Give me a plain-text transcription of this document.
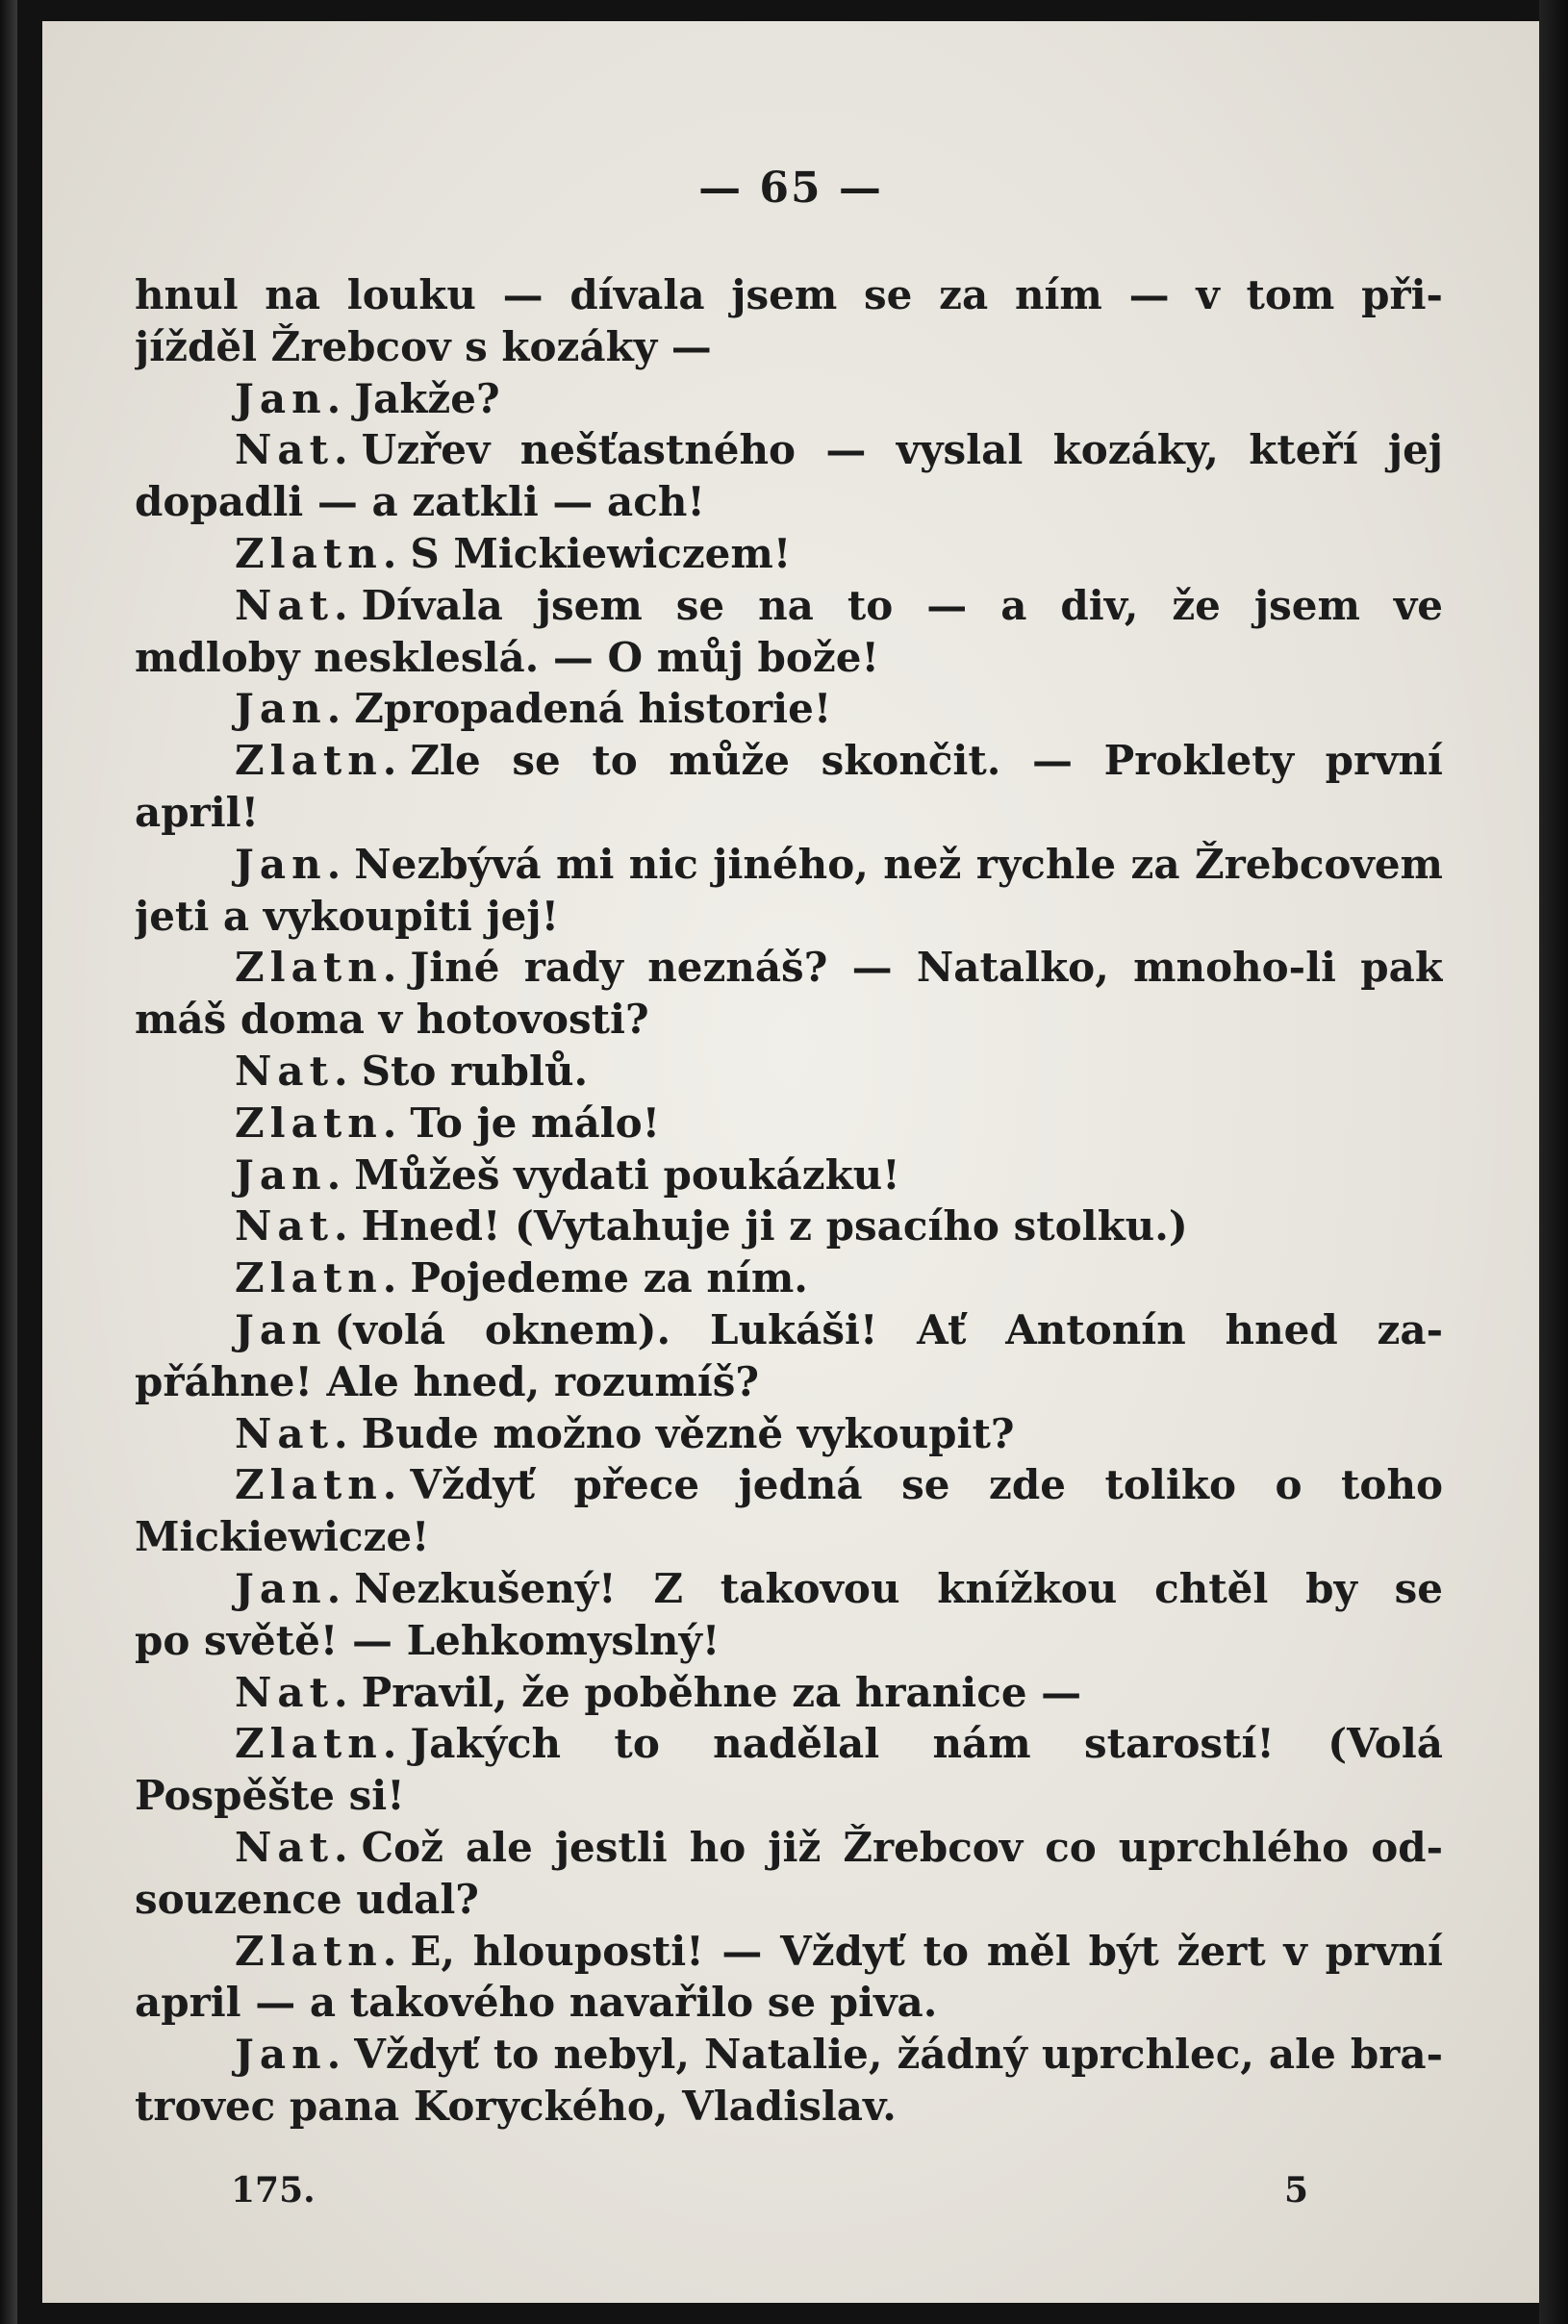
— 65 —
hnul na louku — dívala jsem se za ním — v tom při-
jížděl Žrebcov s kozáky —
Jan. Jakže?
Nat. Uzřev nešťastného — vyslal kozáky, kteří jej
dopadli — a zatkli — ach!
Zlatn. S Mickiewiczem!
Nat. Dívala jsem se na to — a div, že jsem ve
mdloby neskleslá. — O můj bože!
Jan. Zpropadená historie!
Zlatn. Zle se to může skončit. — Proklety první
april!
Jan. Nezbývá mi nic jiného, než rychle za Žrebcovem
jeti a vykoupiti jej!
Zlatn. Jiné rady neznáš? — Natalko, mnoho-li pak
máš doma v hotovosti?
Nat. Sto rublů.
Zlatn. To je málo!
Jan. Můžeš vydati poukázku!
Nat. Hned! (Vytahuje ji z psacího stolku.)
Zlatn. Pojedeme za ním.
Jan (volá oknem). Lukáši! Ať Antonín hned za-
přáhne! Ale hned, rozumíš?
Nat. Bude možno vězně vykoupit?
Zlatn. Vždyť přece jedná se zde toliko o toho
Mickiewicze!
Jan. Nezkušený! Z takovou knížkou chtěl by se
po světě! — Lehkomyslný!
Nat. Pravil, že poběhne za hranice —
Zlatn. Jakých to nadělal nám starostí! (Volá
Pospěšte si!
Nat. Což ale jestli ho již Žrebcov co uprchlého od-
souzence udal?
Zlatn. E, hlouposti! — Vždyť to měl být žert v první
april — a takového navařilo se piva.
Jan. Vždyť to nebyl, Natalie, žádný uprchlec, ale bra-
trovec pana Koryckého, Vladislav.
175.	5
